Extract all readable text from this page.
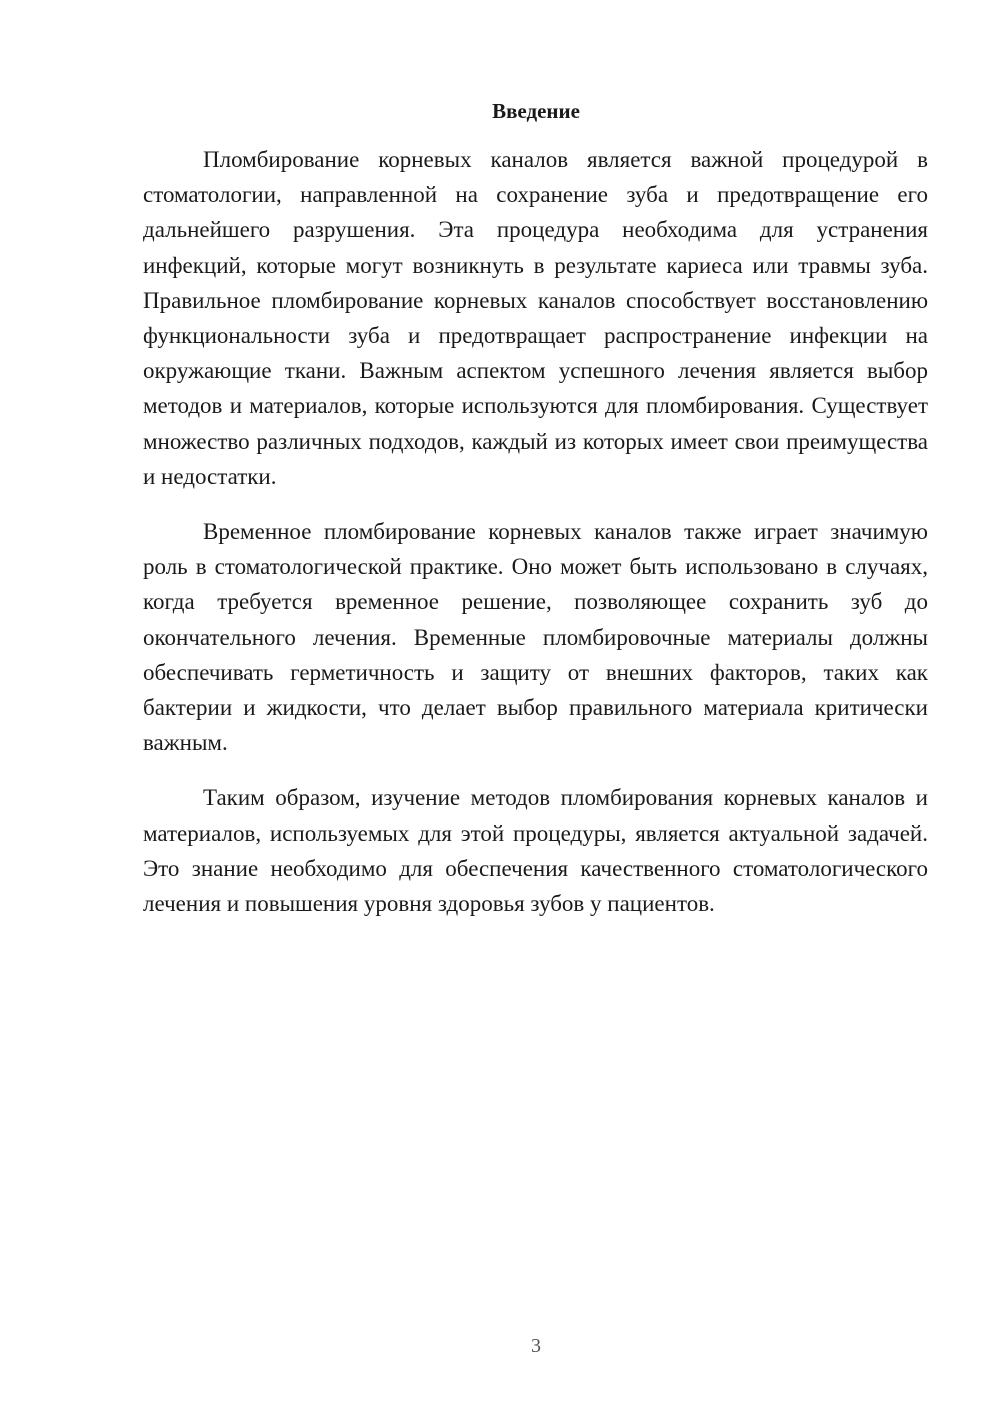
Введение

Пломбирование корневых каналов является важной процедурой в стоматологии, направленной на сохранение зуба и предотвращение его дальнейшего разрушения. Эта процедура необходима для устранения инфекций, которые могут возникнуть в результате кариеса или травмы зуба. Правильное пломбирование корневых каналов способствует восстановлению функциональности зуба и предотвращает распространение инфекции на окружающие ткани. Важным аспектом успешного лечения является выбор методов и материалов, которые используются для пломбирования. Существует множество различных подходов, каждый из которых имеет свои преимущества и недостатки.

Временное пломбирование корневых каналов также играет значимую роль в стоматологической практике. Оно может быть использовано в случаях, когда требуется временное решение, позволяющее сохранить зуб до окончательного лечения. Временные пломбировочные материалы должны обеспечивать герметичность и защиту от внешних факторов, таких как бактерии и жидкости, что делает выбор правильного материала критически важным.

Таким образом, изучение методов пломбирования корневых каналов и материалов, используемых для этой процедуры, является актуальной задачей. Это знание необходимо для обеспечения качественного стоматологического лечения и повышения уровня здоровья зубов у пациентов.

3
